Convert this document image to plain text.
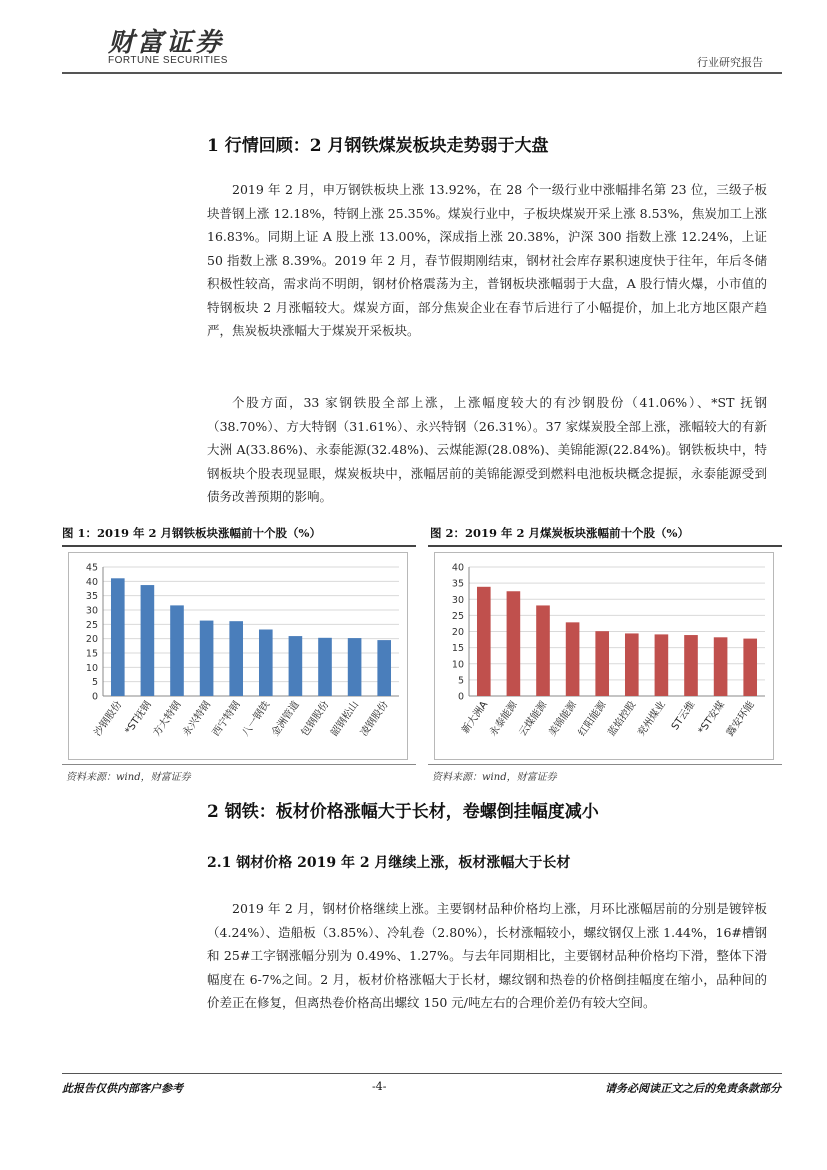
财富证券
FORTUNE SECURITIES	行业研究报告
1 行情回顾：2 月钢铁煤炭板块走势弱于大盘

2019 年 2 月，申万钢铁板块上涨 13.92%，在 28 个一级行业中涨幅排名第 23 位，三级子板块普钢上涨 12.18%，特钢上涨 25.35%。煤炭行业中，子板块煤炭开采上涨 8.53%，焦炭加工上涨 16.83%。同期上证 A 股上涨 13.00%，深成指上涨 20.38%，沪深 300 指数上涨 12.24%，上证 50 指数上涨 8.39%。2019 年 2 月，春节假期刚结束，钢材社会库存累积速度快于往年，年后冬储积极性较高，需求尚不明朗，钢材价格震荡为主，普钢板块涨幅弱于大盘，A 股行情火爆，小市值的特钢板块 2 月涨幅较大。煤炭方面，部分焦炭企业在春节后进行了小幅提价，加上北方地区限产趋严，焦炭板块涨幅大于煤炭开采板块。

个股方面，33 家钢铁股全部上涨，上涨幅度较大的有沙钢股份（41.06%）、*ST 抚钢（38.70%）、方大特钢（31.61%）、永兴特钢（26.31%）。37 家煤炭股全部上涨，涨幅较大的有新大洲 A(33.86%)、永泰能源(32.48%)、云煤能源(28.08%)、美锦能源(22.84%)。钢铁板块中，特钢板块个股表现显眼，煤炭板块中，涨幅居前的美锦能源受到燃料电池板块概念提振，永泰能源受到债务改善预期的影响。

图 1：2019 年 2 月钢铁板块涨幅前十个股（%）
0
5
10
15
20
25
30
35
40
45
沙钢股份 *ST抚钢
方大特钢
永兴特钢
西宁特钢
八一钢铁
金洲管道
包钢股份
韶钢松山
凌钢股份
资料来源：wind，财富证券
图 2：2019 年 2 月煤炭板块涨幅前十个股（%）
0
5
10
15
20
25
30
35
40
新大洲A
永泰能源
云煤能源
美锦能源
红阳能源
蓝焰控股
兖州煤业 ST云维 *ST安煤
露安环能
资料来源：wind，财富证券
2 钢铁：板材价格涨幅大于长材，卷螺倒挂幅度减小
2.1 钢材价格 2019 年 2 月继续上涨，板材涨幅大于长材

2019 年 2 月，钢材价格继续上涨。主要钢材品种价格均上涨，月环比涨幅居前的分别是镀锌板（4.24%）、造船板（3.85%）、冷轧卷（2.80%），长材涨幅较小，螺纹钢仅上涨 1.44%，16#槽钢和 25#工字钢涨幅分别为 0.49%、1.27%。与去年同期相比，主要钢材品种价格均下滑，整体下滑幅度在 6-7%之间。2 月，板材价格涨幅大于长材，螺纹钢和热卷的价格倒挂幅度在缩小，品种间的价差正在修复，但离热卷价格高出螺纹 150 元/吨左右的合理价差仍有较大空间。

此报告仅供内部客户参考	-4-	请务必阅读正文之后的免责条款部分
